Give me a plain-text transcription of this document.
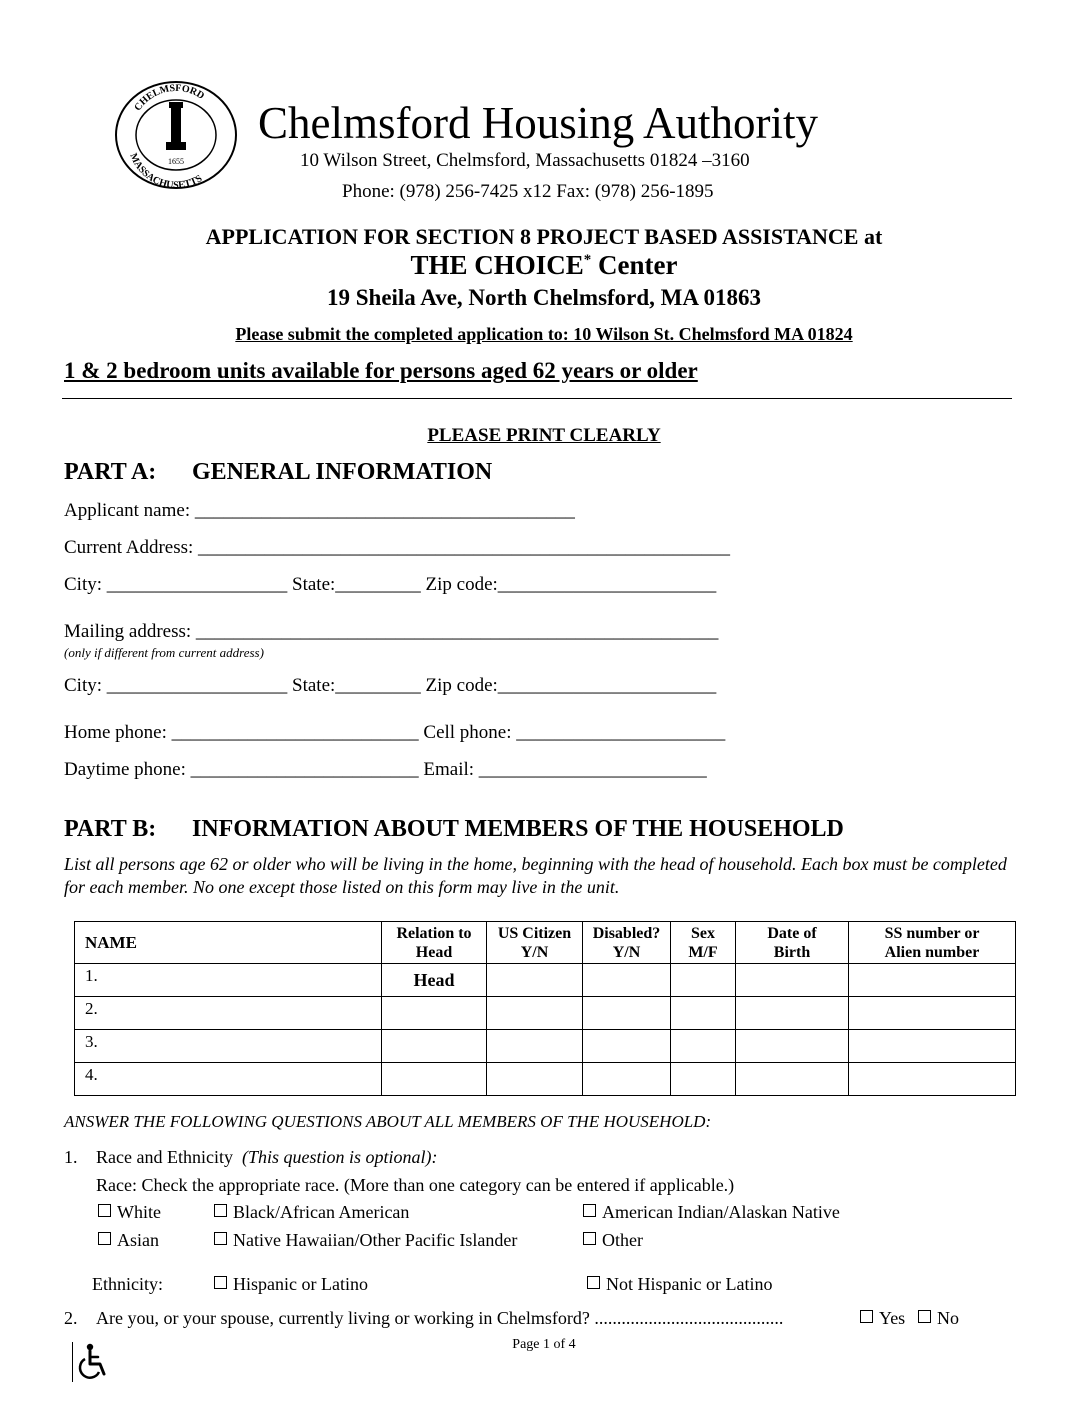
CHELMSFORD
MASSACHUSETTS
1655
Chelmsford Housing Authority
10 Wilson Street, Chelmsford, Massachusetts 01824 –3160
Phone: (978) 256-7425 x12 Fax: (978) 256-1895
APPLICATION FOR SECTION 8 PROJECT BASED ASSISTANCE at
THE CHOICE* Center
19 Sheila Ave, North Chelmsford, MA 01863
Please submit the completed application to: 10 Wilson St. Chelmsford MA 01824
1 & 2 bedroom units available for persons aged 62 years or older
PLEASE PRINT CLEARLY
PART A: GENERAL INFORMATION
Applicant name: ________________________________________
Current Address: ________________________________________________________
City: ___________________ State:_________ Zip code:_______________________
Mailing address: _______________________________________________________
(only if different from current address)
City: ___________________ State:_________ Zip code:_______________________
Home phone: __________________________ Cell phone: ______________________
Daytime phone: ________________________ Email: ________________________
PART B: INFORMATION ABOUT MEMBERS OF THE HOUSEHOLD
List all persons age 62 or older who will be living in the home, beginning with the head of household. Each box must be completed for each member. No one except those listed on this form may live in the unit.
NAME	Relation to Head	US Citizen Y/N	Disabled? Y/N	Sex M/F	Date of Birth	SS number or Alien number

1.	Head					
2.						
3.						
4.						
ANSWER THE FOLLOWING QUESTIONS ABOUT ALL MEMBERS OF THE HOUSEHOLD:
1. Race and Ethnicity (This question is optional):
Race: Check the appropriate race. (More than one category can be entered if applicable.)
White	Black/African American	American Indian/Alaskan Native
Asian	Native Hawaiian/Other Pacific Islander	Other
Ethnicity:	Hispanic or Latino	Not Hispanic or Latino
2. Are you, or your spouse, currently living or working in Chelmsford? ..........................................	Yes	No
Page 1 of 4
